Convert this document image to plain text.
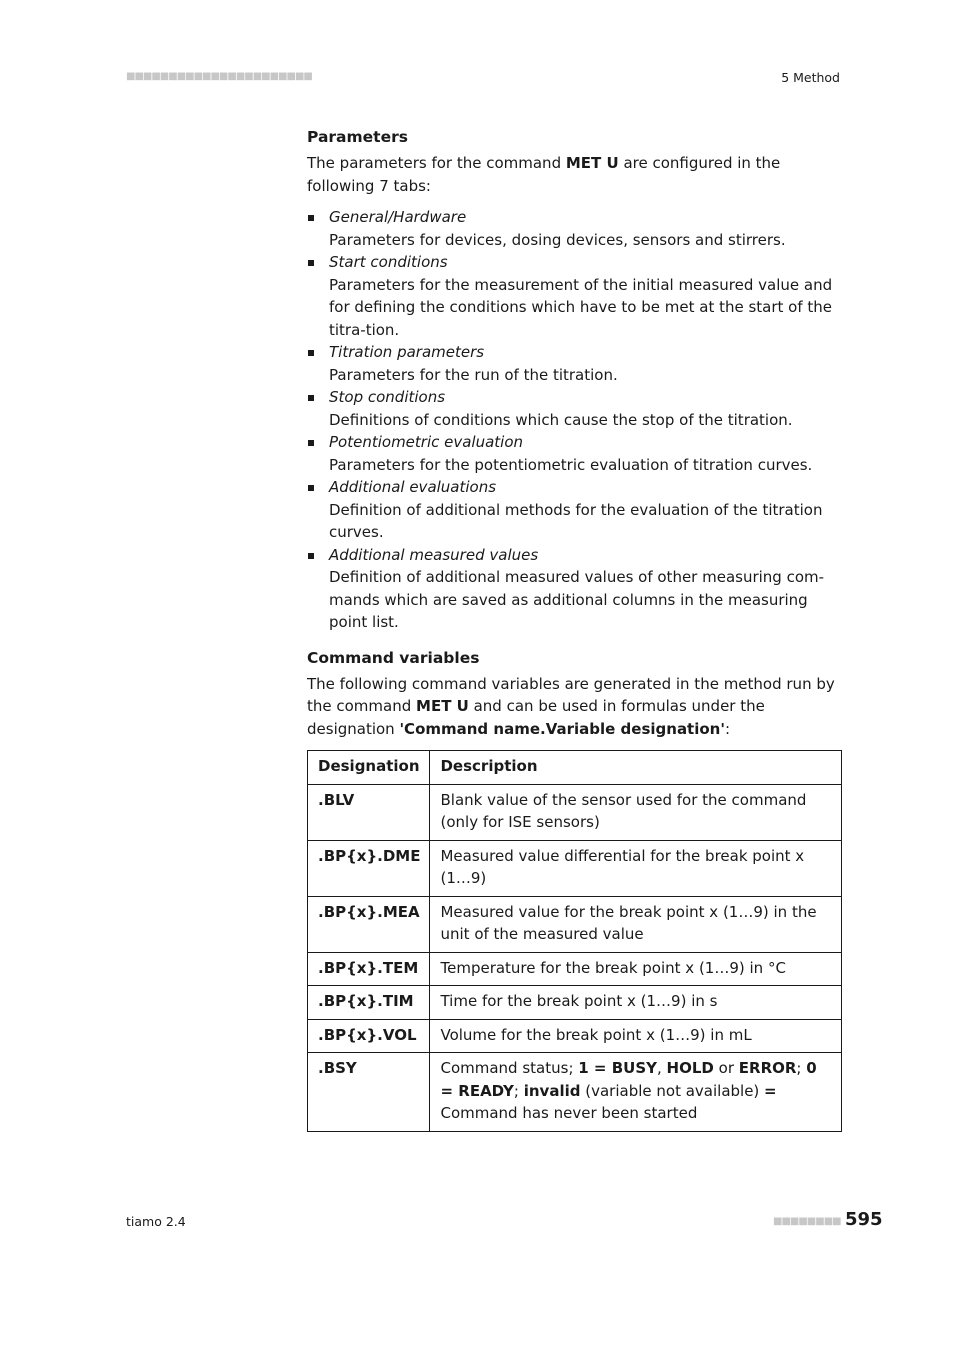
■■■■■■■■■■■■■■■■■■■■■■	5 Method
Parameters

The parameters for the command MET U are configured in the following 7 tabs:

General/Hardware
Parameters for devices, dosing devices, sensors and stirrers.
Start conditions
Parameters for the measurement of the initial measured value and for defining the conditions which have to be met at the start of the titra-tion.
Titration parameters
Parameters for the run of the titration.
Stop conditions
Definitions of conditions which cause the stop of the titration.
Potentiometric evaluation
Parameters for the potentiometric evaluation of titration curves.
Additional evaluations
Definition of additional methods for the evaluation of the titration curves.
Additional measured values
Definition of additional measured values of other measuring com-mands which are saved as additional columns in the measuring point list.
Command variables

The following command variables are generated in the method run by the command MET U and can be used in formulas under the designation 'Command name.Variable designation':

Designation	Description
.BLV	Blank value of the sensor used for the command (only for ISE sensors)
.BP{x}.DME	Measured value differential for the break point x (1…9)
.BP{x}.MEA	Measured value for the break point x (1…9) in the unit of the measured value
.BP{x}.TEM	Temperature for the break point x (1…9) in °C
.BP{x}.TIM	Time for the break point x (1…9) in s
.BP{x}.VOL	Volume for the break point x (1…9) in mL
.BSY	Command status; 1 = BUSY, HOLD or ERROR; 0 = READY; invalid (variable not available) = Command has never been started
tiamo 2.4	■■■■■■■■ 595
